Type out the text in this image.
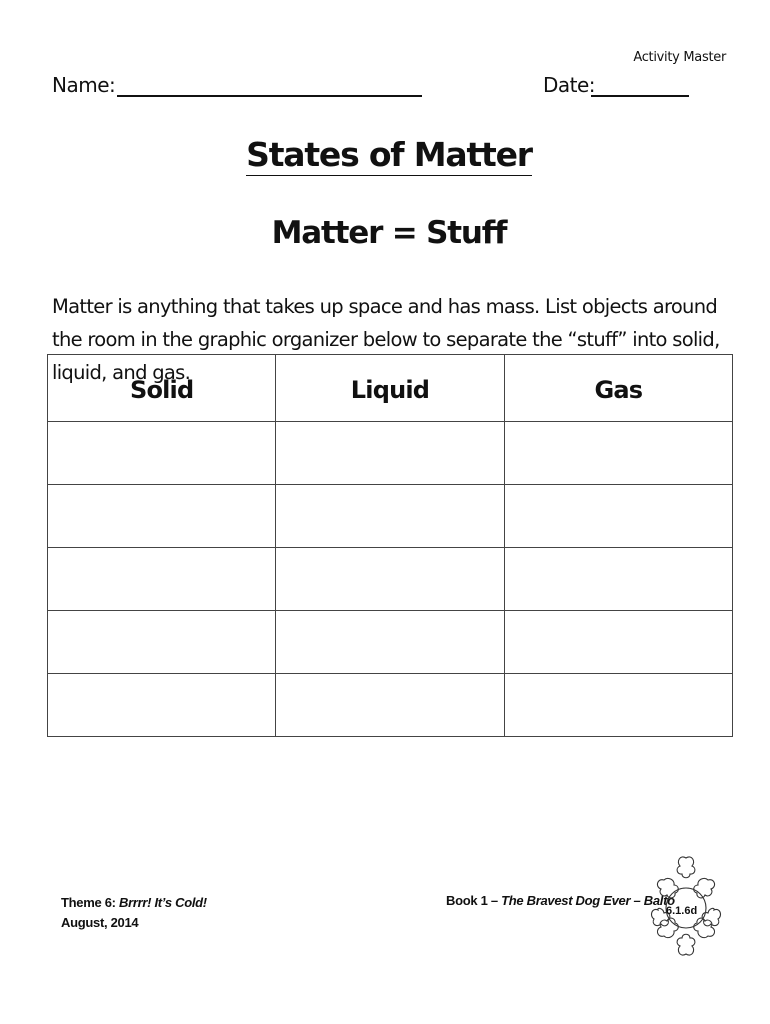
Activity Master
Name:	Date:
States of Matter
Matter = Stuff
Matter is anything that takes up space and has mass. List objects around the room in the graphic organizer below to separate the “stuff” into solid, liquid, and gas.
Solid	Liquid	Gas

Theme 6: Brrrr! It’s Cold!
August, 2014
Book 1 – The Bravest Dog Ever – Balto
6.1.6d
